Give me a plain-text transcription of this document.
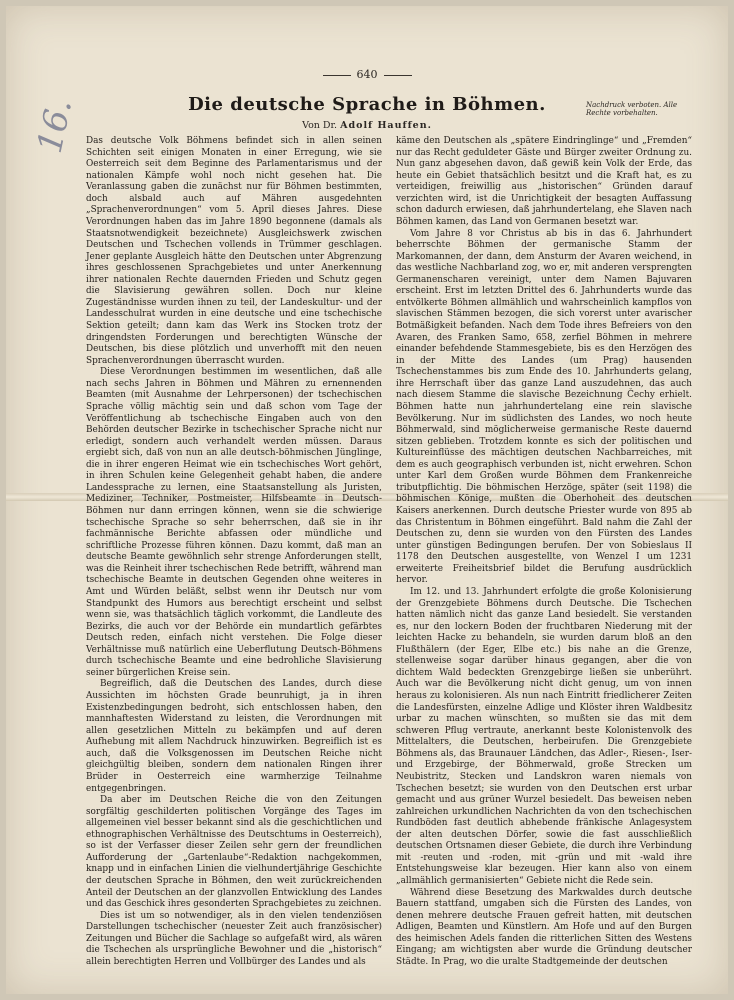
16.
640
Nachdruck verboten. Alle Rechte vorbehalten.
Die deutsche Sprache in Böhmen.
Von Dr. Adolf Hauffen.

Das deutsche Volk Böhmens befindet sich in allen seinen Schichten seit einigen Monaten in einer Erregung, wie sie Oesterreich seit dem Beginne des Parlamentarismus und der nationalen Kämpfe wohl noch nicht gesehen hat. Die Veranlassung gaben die zunächst nur für Böhmen bestimmten, doch alsbald auch auf Mähren ausgedehnten „Sprachenverordnungen“ vom 5. April dieses Jahres. Diese Verordnungen haben das im Jahre 1890 begonnene (damals als Staatsnotwendigkeit bezeichnete) Ausgleichswerk zwischen Deutschen und Tschechen vollends in Trümmer geschlagen. Jener geplante Ausgleich hätte den Deutschen unter Abgrenzung ihres geschlossenen Sprachgebietes und unter Anerkennung ihrer nationalen Rechte dauernden Frieden und Schutz gegen die Slavisierung gewähren sollen. Doch nur kleine Zugeständnisse wurden ihnen zu teil, der Landeskultur- und der Landesschulrat wurden in eine deutsche und eine tschechische Sektion geteilt; dann kam das Werk ins Stocken trotz der dringendsten Forderungen und berechtigten Wünsche der Deutschen, bis diese plötzlich und unverhofft mit den neuen Sprachenverordnungen überrascht wurden.

Diese Verordnungen bestimmen im wesentlichen, daß alle nach sechs Jahren in Böhmen und Mähren zu ernennenden Beamten (mit Ausnahme der Lehrpersonen) der tschechischen Sprache völlig mächtig sein und daß schon vom Tage der Veröffentlichung ab tschechische Eingaben auch von den Behörden deutscher Bezirke in tschechischer Sprache nicht nur erledigt, sondern auch verhandelt werden müssen. Daraus ergiebt sich, daß von nun an alle deutsch-böhmischen Jünglinge, die in ihrer engeren Heimat wie ein tschechisches Wort gehört, in ihren Schulen keine Gelegenheit gehabt haben, die andere Landessprache zu lernen, eine Staatsanstellung als Juristen, Mediziner, Techniker, Postmeister, Hilfsbeamte in Deutsch-Böhmen nur dann erringen können, wenn sie die schwierige tschechische Sprache so sehr beherrschen, daß sie in ihr fachmännische Berichte abfassen oder mündliche und schriftliche Prozesse führen können. Dazu kommt, daß man an deutsche Beamte gewöhnlich sehr strenge Anforderungen stellt, was die Reinheit ihrer tschechischen Rede betrifft, während man tschechische Beamte in deutschen Gegenden ohne weiteres in Amt und Würden beläßt, selbst wenn ihr Deutsch nur vom Standpunkt des Humors aus berechtigt erscheint und selbst wenn sie, was thatsächlich täglich vorkommt, die Landleute des Bezirks, die auch vor der Behörde ein mundartlich gefärbtes Deutsch reden, einfach nicht verstehen. Die Folge dieser Verhältnisse muß natürlich eine Ueberflutung Deutsch-Böhmens durch tschechische Beamte und eine bedrohliche Slavisierung seiner bürgerlichen Kreise sein.

Begreiflich, daß die Deutschen des Landes, durch diese Aussichten im höchsten Grade beunruhigt, ja in ihren Existenzbedingungen bedroht, sich entschlossen haben, den mannhaftesten Widerstand zu leisten, die Verordnungen mit allen gesetzlichen Mitteln zu bekämpfen und auf deren Aufhebung mit allem Nachdruck hinzuwirken. Begreiflich ist es auch, daß die Volksgenossen im Deutschen Reiche nicht gleichgültig bleiben, sondern dem nationalen Ringen ihrer Brüder in Oesterreich eine warmherzige Teilnahme entgegenbringen.

Da aber im Deutschen Reiche die von den Zeitungen sorgfältig geschilderten politischen Vorgänge des Tages im allgemeinen viel besser bekannt sind als die geschichtlichen und ethnographischen Verhältnisse des Deutschtums in Oesterreich), so ist der Verfasser dieser Zeilen sehr gern der freundlichen Aufforderung der „Gartenlaube“-Redaktion nachgekommen, knapp und in einfachen Linien die vielhundertjährige Geschichte der deutschen Sprache in Böhmen, den weit zurückreichenden Anteil der Deutschen an der glanzvollen Entwicklung des Landes und das Geschick ihres gesonderten Sprachgebietes zu zeichnen.

Dies ist um so notwendiger, als in den vielen tendenziösen Darstellungen tschechischer (neuester Zeit auch französischer) Zeitungen und Bücher die Sachlage so aufgefaßt wird, als wären die Tschechen als ursprüngliche Bewohner und die „historisch“ allein berechtigten Herren und Vollbürger des Landes und als

käme den Deutschen als „spätere Eindringlinge“ und „Fremden“ nur das Recht geduldeter Gäste und Bürger zweiter Ordnung zu. Nun ganz abgesehen davon, daß gewiß kein Volk der Erde, das heute ein Gebiet thatsächlich besitzt und die Kraft hat, es zu verteidigen, freiwillig aus „historischen“ Gründen darauf verzichten wird, ist die Unrichtigkeit der besagten Auffassung schon dadurch erwiesen, daß jahrhundertelang, ehe Slaven nach Böhmen kamen, das Land von Germanen besetzt war.

Vom Jahre 8 vor Christus ab bis in das 6. Jahrhundert beherrschte Böhmen der germanische Stamm der Markomannen, der dann, dem Ansturm der Avaren weichend, in das westliche Nachbarland zog, wo er, mit anderen versprengten Germanenscharen vereinigt, unter dem Namen Bajuvaren erscheint. Erst im letzten Drittel des 6. Jahrhunderts wurde das entvölkerte Böhmen allmählich und wahrscheinlich kampflos von slavischen Stämmen bezogen, die sich vorerst unter avarischer Botmäßigkeit befanden. Nach dem Tode ihres Befreiers von den Avaren, des Franken Samo, 658, zerfiel Böhmen in mehrere einander befehdende Stammesgebiete, bis es den Herzögen des in der Mitte des Landes (um Prag) hausenden Tschechenstammes bis zum Ende des 10. Jahrhunderts gelang, ihre Herrschaft über das ganze Land auszudehnen, das auch nach diesem Stamme die slavische Bezeichnung Čechy erhielt. Böhmen hatte nun jahrhundertelang eine rein slavische Bevölkerung. Nur im südlichsten des Landes, wo noch heute Böhmerwald, sind möglicherweise germanische Reste dauernd sitzen geblieben. Trotzdem konnte es sich der politischen und Kultureinflüsse des mächtigen deutschen Nachbarreiches, mit dem es auch geographisch verbunden ist, nicht erwehren. Schon unter Karl dem Großen wurde Böhmen dem Frankenreiche tributpflichtig. Die böhmischen Herzöge, später (seit 1198) die böhmischen Könige, mußten die Oberhoheit des deutschen Kaisers anerkennen. Durch deutsche Priester wurde von 895 ab das Christentum in Böhmen eingeführt. Bald nahm die Zahl der Deutschen zu, denn sie wurden von den Fürsten des Landes unter günstigen Bedingungen berufen. Der von Sobieslaus II 1178 den Deutschen ausgestellte, von Wenzel I um 1231 erweiterte Freiheitsbrief bildet die Berufung ausdrücklich hervor.

Im 12. und 13. Jahrhundert erfolgte die große Kolonisierung der Grenzgebiete Böhmens durch Deutsche. Die Tschechen hatten nämlich nicht das ganze Land besiedelt. Sie verstanden es, nur den lockern Boden der fruchtbaren Niederung mit der leichten Hacke zu behandeln, sie wurden darum bloß an den Flußthälern (der Eger, Elbe etc.) bis nahe an die Grenze, stellenweise sogar darüber hinaus gegangen, aber die von dichtem Wald bedeckten Grenzgebirge ließen sie unberührt. Auch war die Bevölkerung nicht dicht genug, um von innen heraus zu kolonisieren. Als nun nach Eintritt friedlicherer Zeiten die Landesfürsten, einzelne Adlige und Klöster ihren Waldbesitz urbar zu machen wünschten, so mußten sie das mit dem schweren Pflug vertraute, anerkannt beste Kolonistenvolk des Mittelalters, die Deutschen, herbeirufen. Die Grenzgebiete Böhmens als, das Braunauer Ländchen, das Adler-, Riesen-, Iser- und Erzgebirge, der Böhmerwald, große Strecken um Neubistritz, Stecken und Landskron waren niemals von Tschechen besetzt; sie wurden von den Deutschen erst urbar gemacht und aus grüner Wurzel besiedelt. Das beweisen neben zahlreichen urkundlichen Nachrichten da von den tschechischen Rundböden fast deutlich abhebende fränkische Anlagesystem der alten deutschen Dörfer, sowie die fast ausschließlich deutschen Ortsnamen dieser Gebiete, die durch ihre Verbindung mit -reuten und -roden, mit -grün und mit -wald ihre Entstehungsweise klar bezeugen. Hier kann also von einem „allmählich germanisierten“ Gebiete nicht die Rede sein.

Während diese Besetzung des Markwaldes durch deutsche Bauern stattfand, umgaben sich die Fürsten des Landes, von denen mehrere deutsche Frauen gefreit hatten, mit deutschen Adligen, Beamten und Künstlern. Am Hofe und auf den Burgen des heimischen Adels fanden die ritterlichen Sitten des Westens Eingang; am wichtigsten aber wurde die Gründung deutscher Städte. In Prag, wo die uralte Stadtgemeinde der deutschen
